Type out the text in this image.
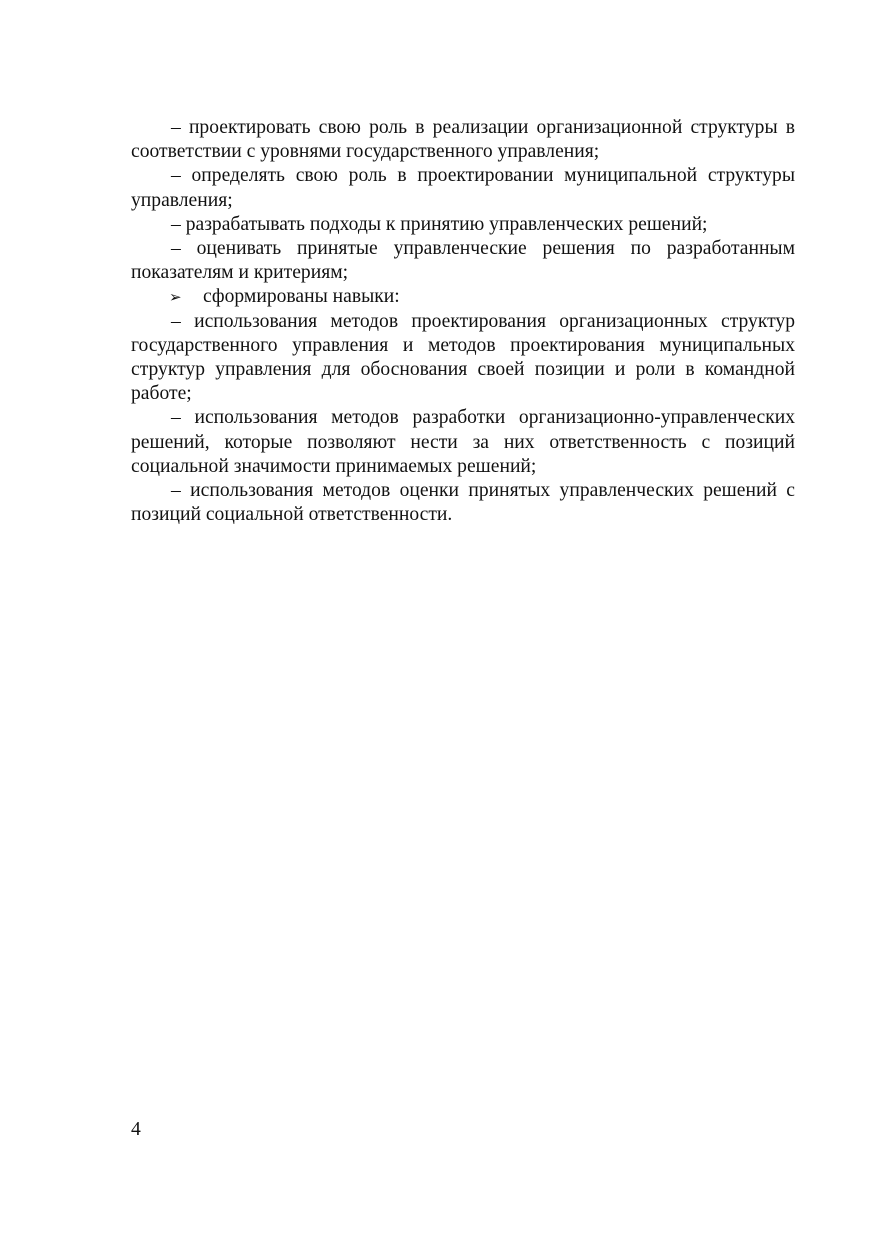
– проектировать свою роль в реализации организационной структуры в соответствии с уровнями государственного управления;

– определять свою роль в проектировании муниципальной структуры управления;

– разрабатывать подходы к принятию управленческих решений;

– оценивать принятые управленческие решения по разработанным показателям и критериям;

➢	сформированы навыки:

– использования методов проектирования организационных структур государственного управления и методов проектирования муниципальных структур управления для обоснования своей позиции и роли в командной работе;

– использования методов разработки организационно-управленческих решений, которые позволяют нести за них ответственность с позиций социальной значимости принимаемых решений;

– использования методов оценки принятых управленческих решений с позиций социальной ответственности.

4
